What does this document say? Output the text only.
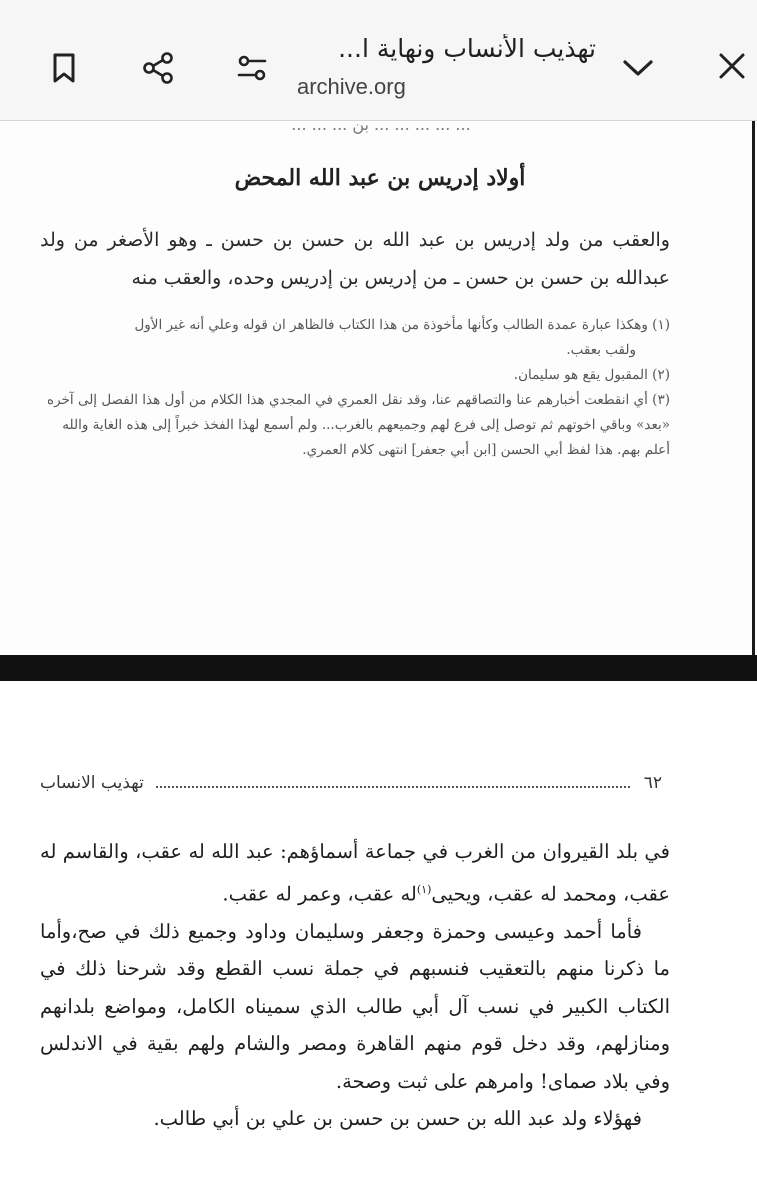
تهذيب الأنساب ونهاية ا...
archive.org
... ... ... ... ... بن ... ... ...
أولاد إدريس بن عبد الله المحض
والعقب من ولد إدريس بن عبد الله بن حسن بن حسن ـ وهو الأصغر من ولد عبدالله بن حسن بن حسن ـ من إدريس بن إدريس وحده، والعقب منه
(١) وهكذا عبارة عمدة الطالب وكأنها مأخوذة من هذا الكتاب فالظاهر ان قوله وعلي أنه غير الأول
ولقب بعقب.
(٢) المقبول يقع هو سليمان.
(٣) أي انقطعت أخبارهم عنا والتصاقهم عنا، وقد نقل العمري في المجدي هذا الكلام من أول هذا الفصل إلى آخره «بعد» وباقي اخوتهم ثم توصل إلى فرع لهم وجميعهم بالغرب... ولم أسمع لهذا الفخذ خبراً إلى هذه الغاية والله أعلم بهم. هذا لفظ أبي الحسن [ابن أبي جعفر] انتهى كلام العمري.
٦٢
تهذيب الانساب

في بلد القيروان من الغرب في جماعة أسماؤهم: عبد الله له عقب، والقاسم له عقب، ومحمد له عقب، ويحيى$^{(١)}$له عقب، وعمر له عقب.

فأما أحمد وعيسى وحمزة وجعفر وسليمان وداود وجميع ذلك في صح،وأما ما ذكرنا منهم بالتعقيب فنسبهم في جملة نسب القطع وقد شرحنا ذلك في الكتاب الكبير في نسب آل أبي طالب الذي سميناه الكامل، ومواضع بلدانهم ومنازلهم، وقد دخل قوم منهم القاهرة ومصر والشام ولهم بقية في الاندلس وفي بلاد صمای! وامرهم على ثبت وصحة.

فهؤلاء ولد عبد الله بن حسن بن حسن بن علي بن أبي طالب.
